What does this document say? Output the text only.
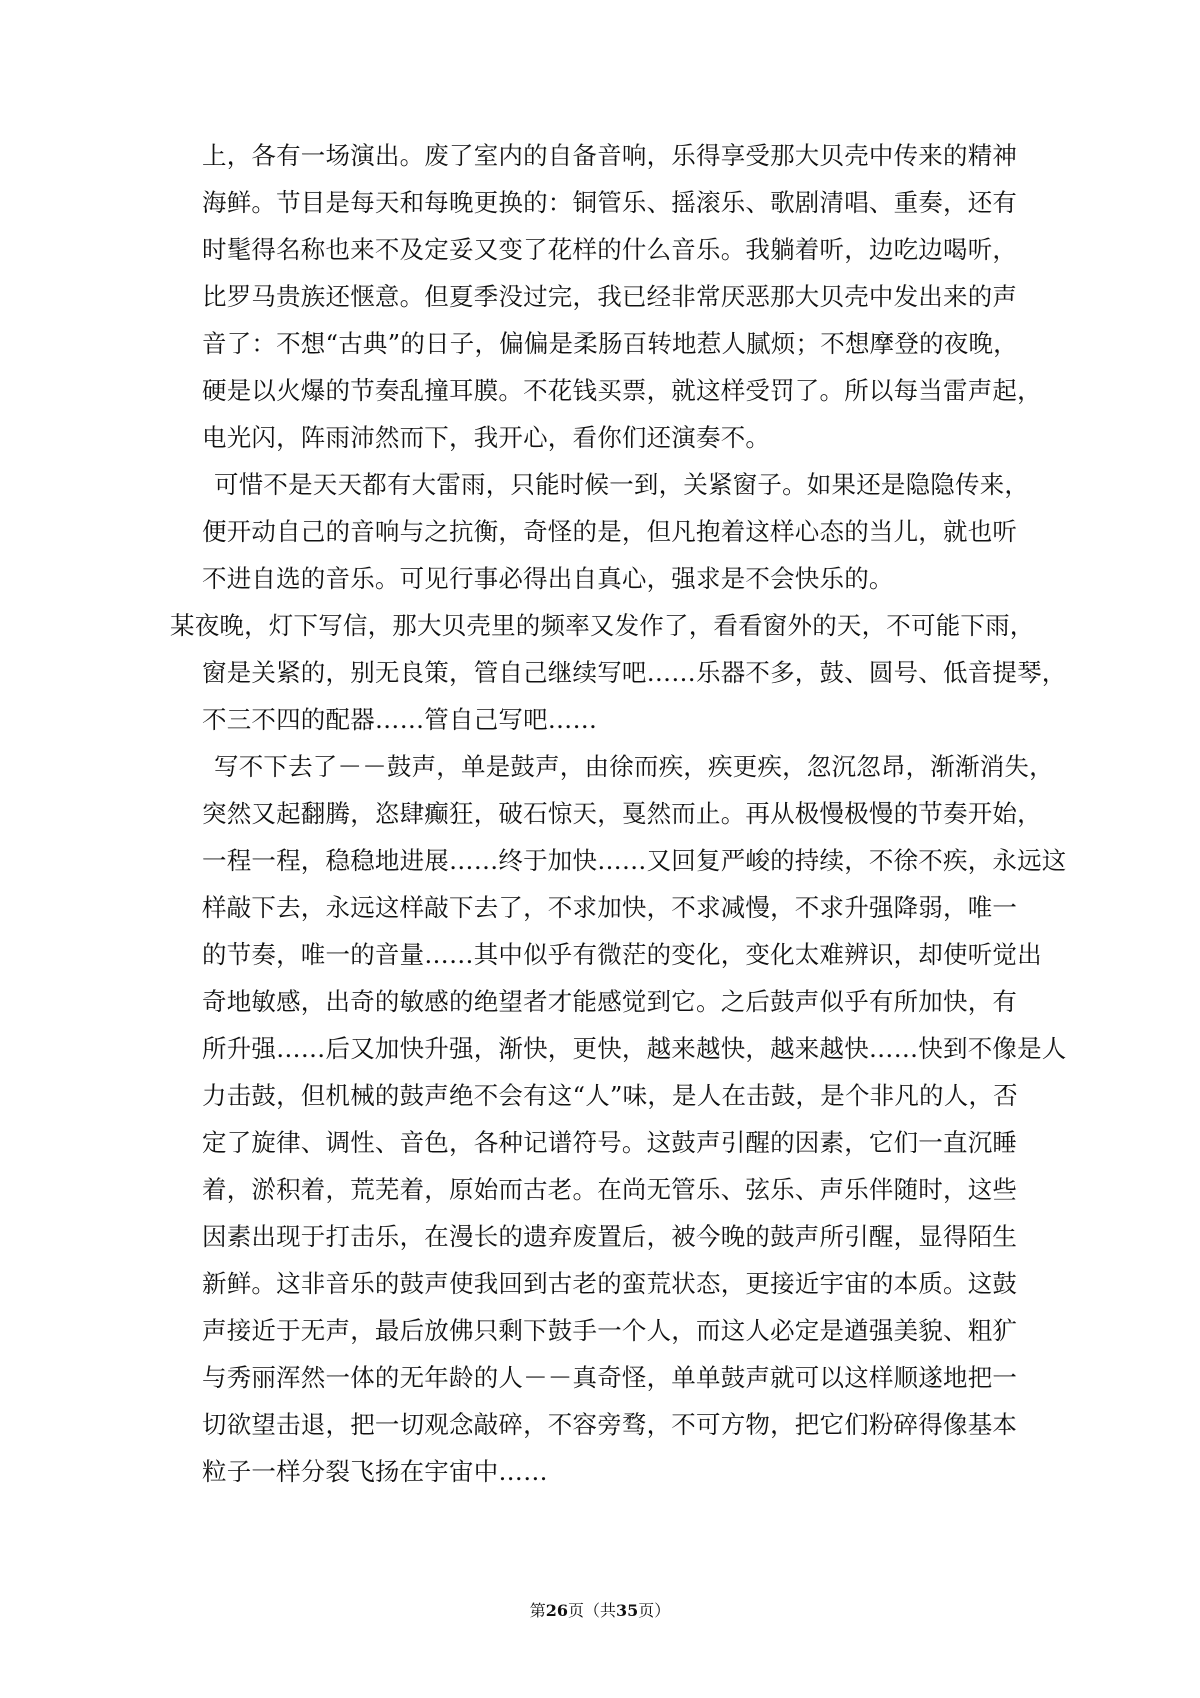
上，各有一场演出。废了室内的自备音响，乐得享受那大贝壳中传来的精神
海鲜。节目是每天和每晚更换的：铜管乐、摇滚乐、歌剧清唱、重奏，还有
时髦得名称也来不及定妥又变了花样的什么音乐。我躺着听，边吃边喝听，
比罗马贵族还惬意。但夏季没过完，我已经非常厌恶那大贝壳中发出来的声
音了：不想“古典”的日子，偏偏是柔肠百转地惹人腻烦；不想摩登的夜晚，
硬是以火爆的节奏乱撞耳膜。不花钱买票，就这样受罚了。所以每当雷声起，
电光闪，阵雨沛然而下，我开心，看你们还演奏不。
可惜不是天天都有大雷雨，只能时候一到，关紧窗子。如果还是隐隐传来，
便开动自己的音响与之抗衡，奇怪的是，但凡抱着这样心态的当儿，就也听
不进自选的音乐。可见行事必得出自真心，强求是不会快乐的。
某夜晚，灯下写信，那大贝壳里的频率又发作了，看看窗外的天，不可能下雨，
窗是关紧的，别无良策，管自己继续写吧……乐器不多，鼓、圆号、低音提琴，
不三不四的配器……管自己写吧……
写不下去了－－鼓声，单是鼓声，由徐而疾，疾更疾，忽沉忽昂，渐渐消失，
突然又起翻腾，恣肆癫狂，破石惊天，戛然而止。再从极慢极慢的节奏开始，
一程一程，稳稳地进展……终于加快……又回复严峻的持续，不徐不疾，永远这
样敲下去，永远这样敲下去了，不求加快，不求减慢，不求升强降弱，唯一
的节奏，唯一的音量……其中似乎有微茫的变化，变化太难辨识，却使听觉出
奇地敏感，出奇的敏感的绝望者才能感觉到它。之后鼓声似乎有所加快，有
所升强……后又加快升强，渐快，更快，越来越快，越来越快……快到不像是人
力击鼓，但机械的鼓声绝不会有这“人”味，是人在击鼓，是个非凡的人，否
定了旋律、调性、音色，各种记谱符号。这鼓声引醒的因素，它们一直沉睡
着，淤积着，荒芜着，原始而古老。在尚无管乐、弦乐、声乐伴随时，这些
因素出现于打击乐，在漫长的遗弃废置后，被今晚的鼓声所引醒，显得陌生
新鲜。这非音乐的鼓声使我回到古老的蛮荒状态，更接近宇宙的本质。这鼓
声接近于无声，最后放佛只剩下鼓手一个人，而这人必定是遒强美貌、粗犷
与秀丽浑然一体的无年龄的人－－真奇怪，单单鼓声就可以这样顺遂地把一
切欲望击退，把一切观念敲碎，不容旁骛，不可方物，把它们粉碎得像基本
粒子一样分裂飞扬在宇宙中……
第26页（共35页）
